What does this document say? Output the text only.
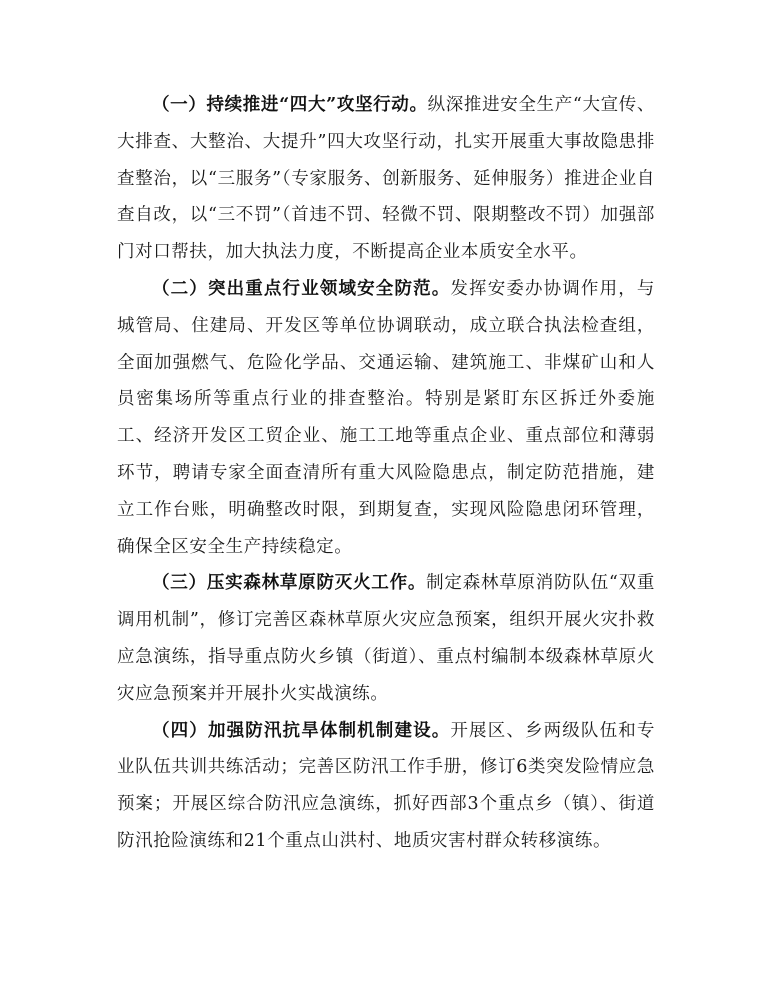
（一）持续推进“四大”攻坚行动。纵深推进安全生产“大宣传、大排查、大整治、大提升”四大攻坚行动，扎实开展重大事故隐患排查整治，以“三服务”（专家服务、创新服务、延伸服务）推进企业自查自改，以“三不罚”（首违不罚、轻微不罚、限期整改不罚）加强部门对口帮扶，加大执法力度，不断提高企业本质安全水平。

（二）突出重点行业领域安全防范。发挥安委办协调作用，与城管局、住建局、开发区等单位协调联动，成立联合执法检查组，全面加强燃气、危险化学品、交通运输、建筑施工、非煤矿山和人员密集场所等重点行业的排查整治。特别是紧盯东区拆迁外委施工、经济开发区工贸企业、施工工地等重点企业、重点部位和薄弱环节，聘请专家全面查清所有重大风险隐患点，制定防范措施，建立工作台账，明确整改时限，到期复查，实现风险隐患闭环管理，确保全区安全生产持续稳定。

（三）压实森林草原防灭火工作。制定森林草原消防队伍“双重调用机制”，修订完善区森林草原火灾应急预案，组织开展火灾扑救应急演练，指导重点防火乡镇（街道）、重点村编制本级森林草原火灾应急预案并开展扑火实战演练。

（四）加强防汛抗旱体制机制建设。开展区、乡两级队伍和专业队伍共训共练活动；完善区防汛工作手册，修订6类突发险情应急预案；开展区综合防汛应急演练，抓好西部3个重点乡（镇）、街道防汛抢险演练和21个重点山洪村、地质灾害村群众转移演练。
